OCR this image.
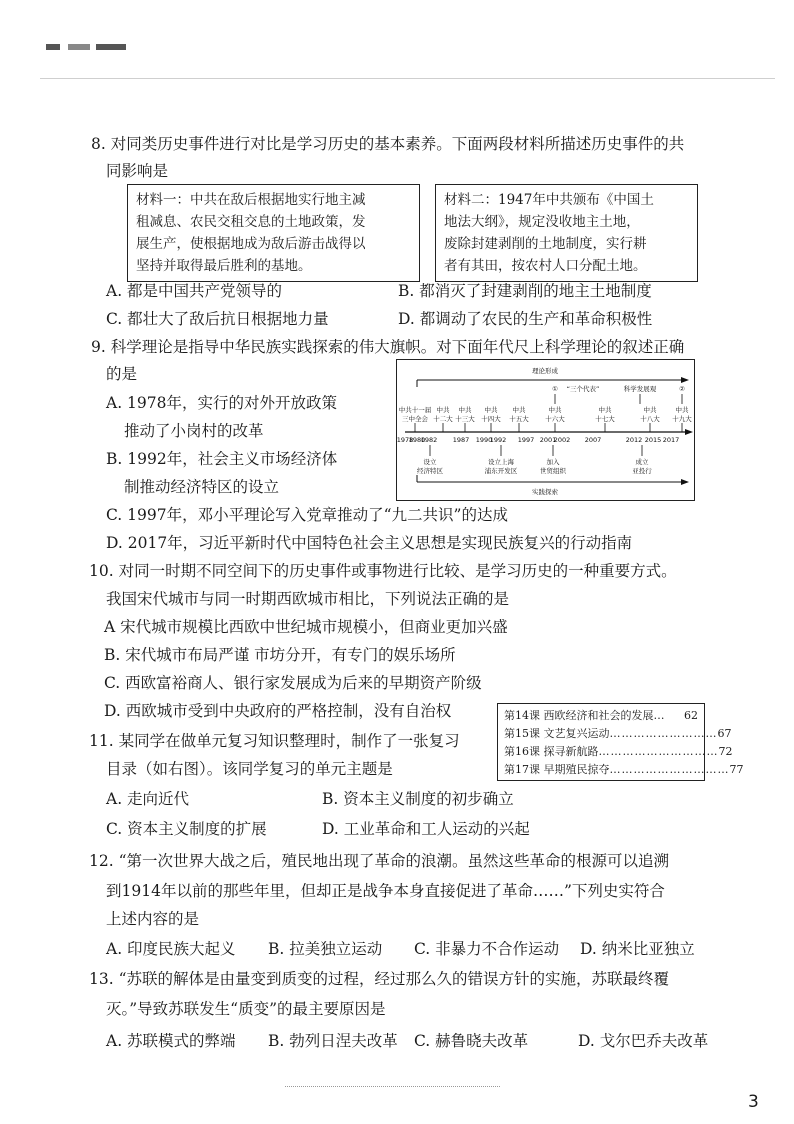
8. 对同类历史事件进行对比是学习历史的基本素养。下面两段材料所描述历史事件的共
同影响是
材料一：中共在敌后根据地实行地主减
租减息、农民交租交息的土地政策，发
展生产，使根据地成为敌后游击战得以
坚持并取得最后胜利的基地。
材料二：1947年中共颁布《中国土
地法大纲》，规定没收地主土地，
废除封建剥削的土地制度，实行耕
者有其田，按农村人口分配土地。
A. 都是中国共产党领导的	B. 都消灭了封建剥削的地主土地制度
C. 都壮大了敌后抗日根据地力量	D. 都调动了农民的生产和革命积极性
9. 科学理论是指导中华民族实践探索的伟大旗帜。对下面年代尺上科学理论的叙述正确
的是
A. 1978年，实行的对外开放政策
推动了小岗村的改革
B. 1992年，社会主义市场经济体
制推动经济特区的设立
C. 1997年，邓小平理论写入党章推动了“九二共识”的达成
D. 2017年，习近平新时代中国特色社会主义思想是实现民族复兴的行动指南
理论形成
① “三个代表”	科学发展观	②
中共十一届
三中全会
中共
十二大
中共
十三大
中共
十四大
中共
十五大
中共
十六大
中共
十七大
中共
十八大
中共
十九大
1978
1980
1982 1987 1990
1992 1997 2001
2002 2007	2012 2015 2017
设立
经济特区
设立上海
浦东开发区
加入
世贸组织
成立
亚投行
实践探索
10. 对同一时期不同空间下的历史事件或事物进行比较、是学习历史的一种重要方式。
我国宋代城市与同一时期西欧城市相比，下列说法正确的是
A 宋代城市规模比西欧中世纪城市规模小，但商业更加兴盛
B. 宋代城市布局严谨 市坊分开，有专门的娱乐场所
C. 西欧富裕商人、银行家发展成为后来的早期资产阶级
D. 西欧城市受到中央政府的严格控制，没有自治权
11. 某同学在做单元复习知识整理时，制作了一张复习
目录（如右图）。该同学复习的单元主题是
第14课 西欧经济和社会的发展 …	62
第15课 文艺复兴运动 ……………………… 67
第16课 探寻新航路 ………………………… 72
第17课 早期殖民掠夺 ………………………… 77
A. 走向近代	B. 资本主义制度的初步确立
C. 资本主义制度的扩展	D. 工业革命和工人运动的兴起
12. “第一次世界大战之后，殖民地出现了革命的浪潮。虽然这些革命的根源可以追溯
到1914年以前的那些年里，但却正是战争本身直接促进了革命……”下列史实符合
上述内容的是
A. 印度民族大起义 B. 拉美独立运动 C. 非暴力不合作运动 D. 纳米比亚独立
13. “苏联的解体是由量变到质变的过程，经过那么久的错误方针的实施，苏联最终覆
灭。”导致苏联发生“质变”的最主要原因是
A. 苏联模式的弊端 B. 勃列日涅夫改革 C. 赫鲁晓夫改革	D. 戈尔巴乔夫改革
3
